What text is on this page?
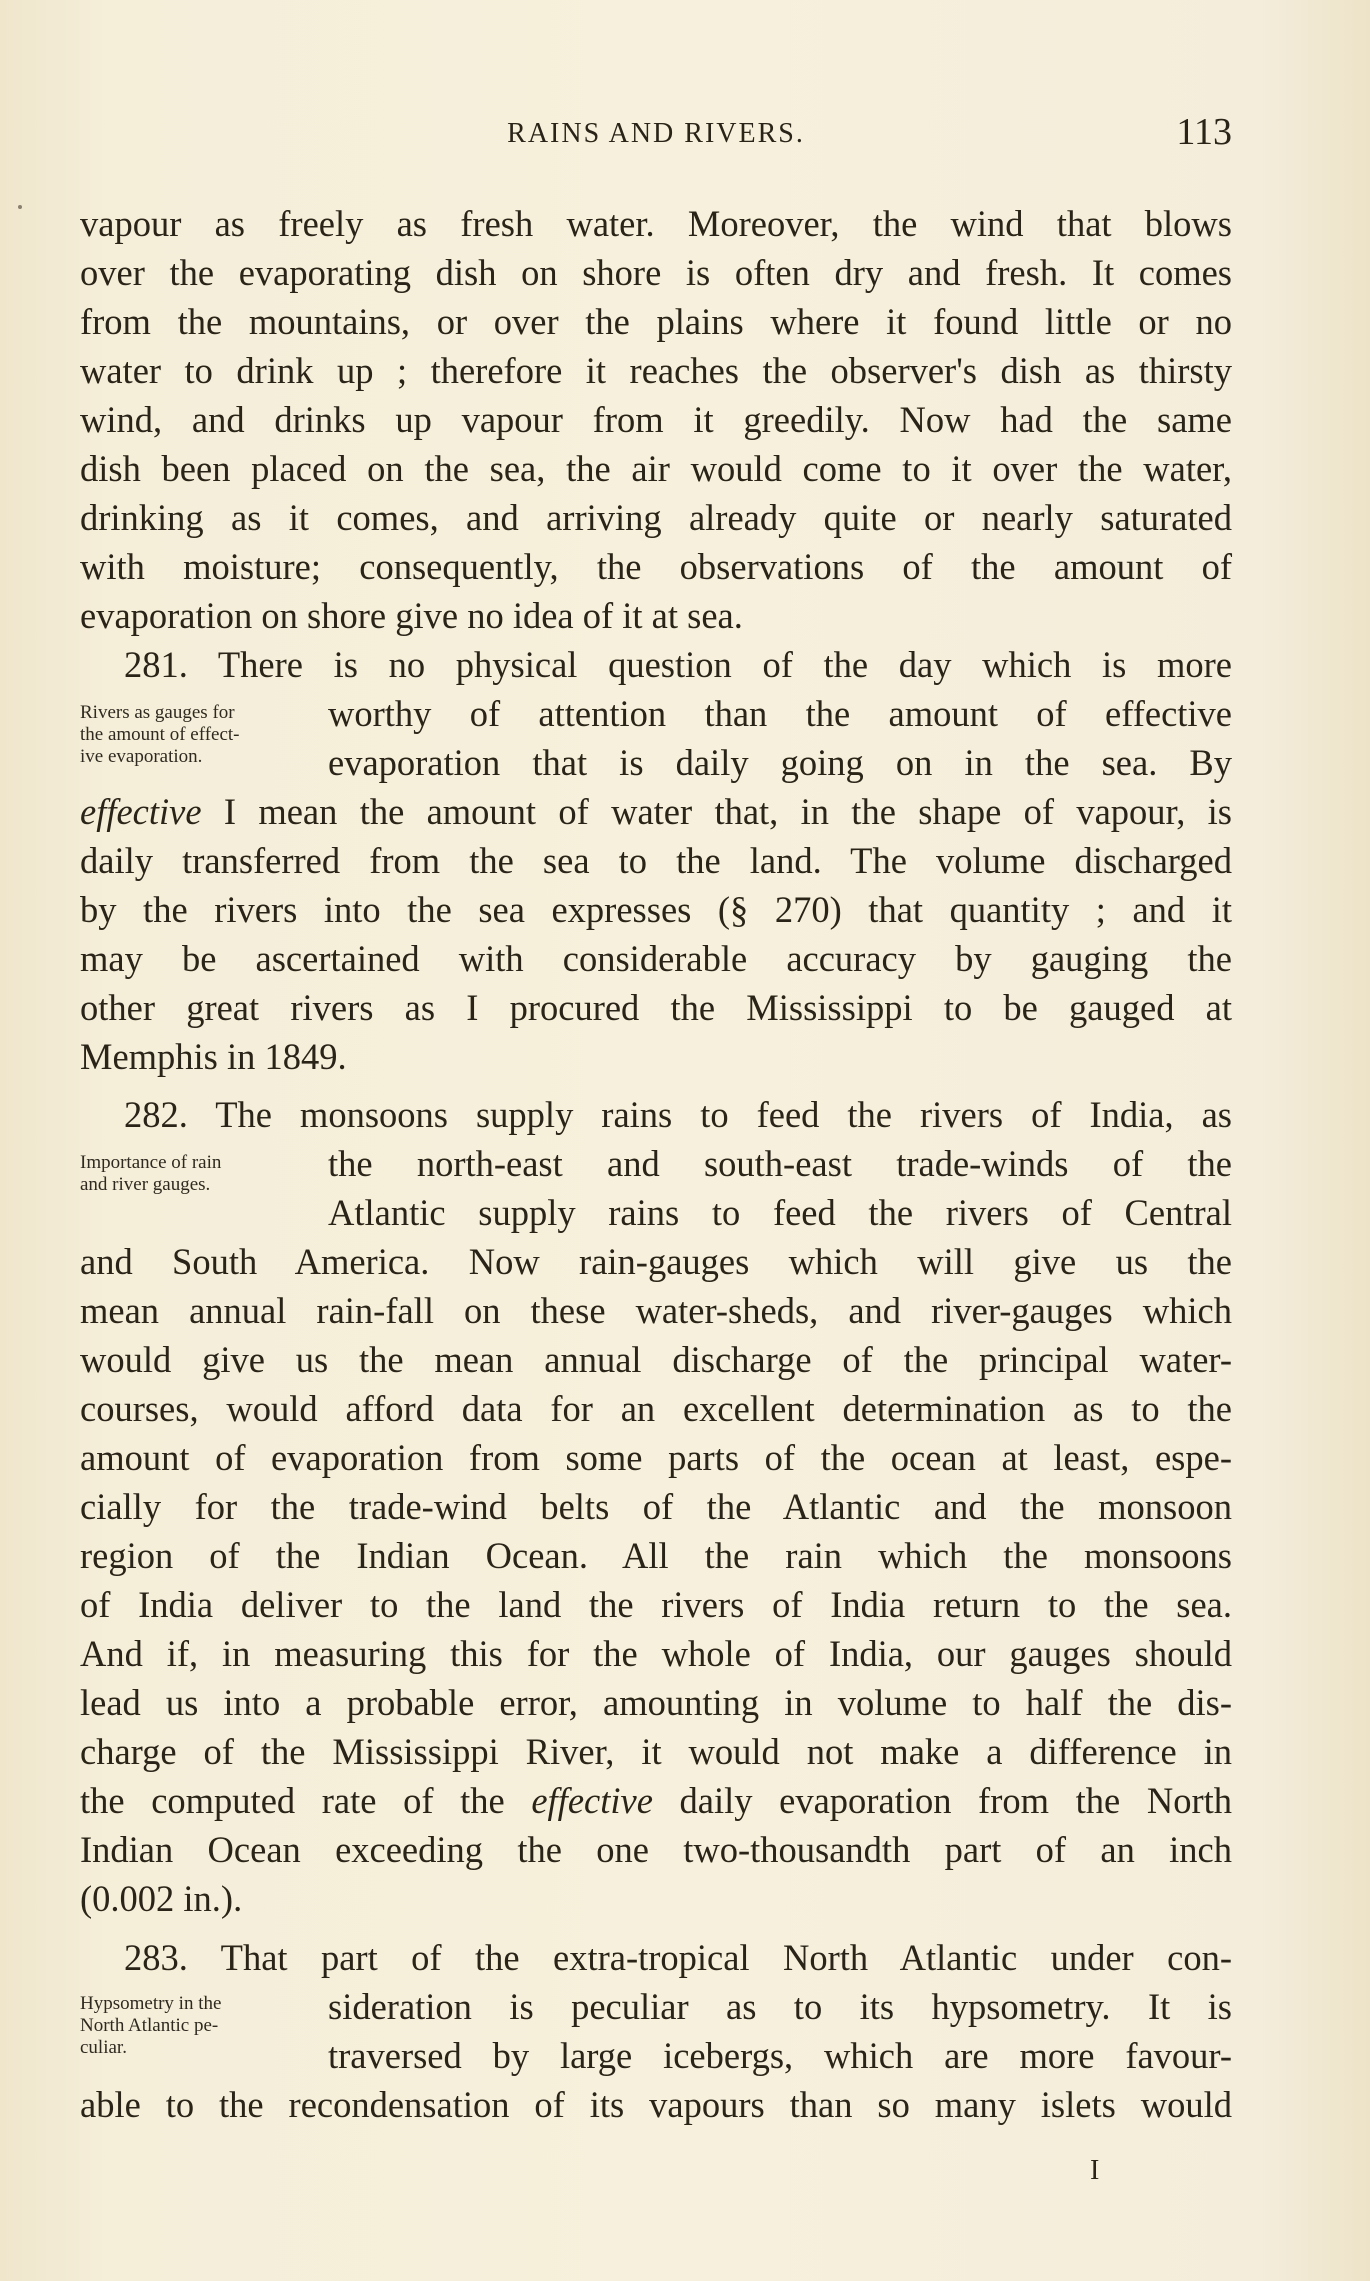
RAINS AND RIVERS.	113
vapour as freely as fresh water. Moreover, the wind that blows
over the evaporating dish on shore is often dry and fresh. It comes
from the mountains, or over the plains where it found little or no
water to drink up ; therefore it reaches the observer's dish as thirsty
wind, and drinks up vapour from it greedily. Now had the same
dish been placed on the sea, the air would come to it over the water,
drinking as it comes, and arriving already quite or nearly saturated
with moisture; consequently, the observations of the amount of
evaporation on shore give no idea of it at sea.
281. There is no physical question of the day which is more
Rivers as gauges for
the amount of effect-
ive evaporation.
worthy of attention than the amount of effective
evaporation that is daily going on in the sea. By
effective I mean the amount of water that, in the shape of vapour, is
daily transferred from the sea to the land. The volume discharged
by the rivers into the sea expresses (§ 270) that quantity ; and it
may be ascertained with considerable accuracy by gauging the
other great rivers as I procured the Mississippi to be gauged at
Memphis in 1849.
282. The monsoons supply rains to feed the rivers of India, as
Importance of rain
and river gauges.
the north-east and south-east trade-winds of the
Atlantic supply rains to feed the rivers of Central
and South America. Now rain-gauges which will give us the
mean annual rain-fall on these water-sheds, and river-gauges which
would give us the mean annual discharge of the principal water-
courses, would afford data for an excellent determination as to the
amount of evaporation from some parts of the ocean at least, espe-
cially for the trade-wind belts of the Atlantic and the monsoon
region of the Indian Ocean. All the rain which the monsoons
of India deliver to the land the rivers of India return to the sea.
And if, in measuring this for the whole of India, our gauges should
lead us into a probable error, amounting in volume to half the dis-
charge of the Mississippi River, it would not make a difference in
the computed rate of the effective daily evaporation from the North
Indian Ocean exceeding the one two-thousandth part of an inch
(0.002 in.).
283. That part of the extra-tropical North Atlantic under con-
Hypsometry in the
North Atlantic pe-
culiar.
sideration is peculiar as to its hypsometry. It is
traversed by large icebergs, which are more favour-
able to the recondensation of its vapours than so many islets would
I
